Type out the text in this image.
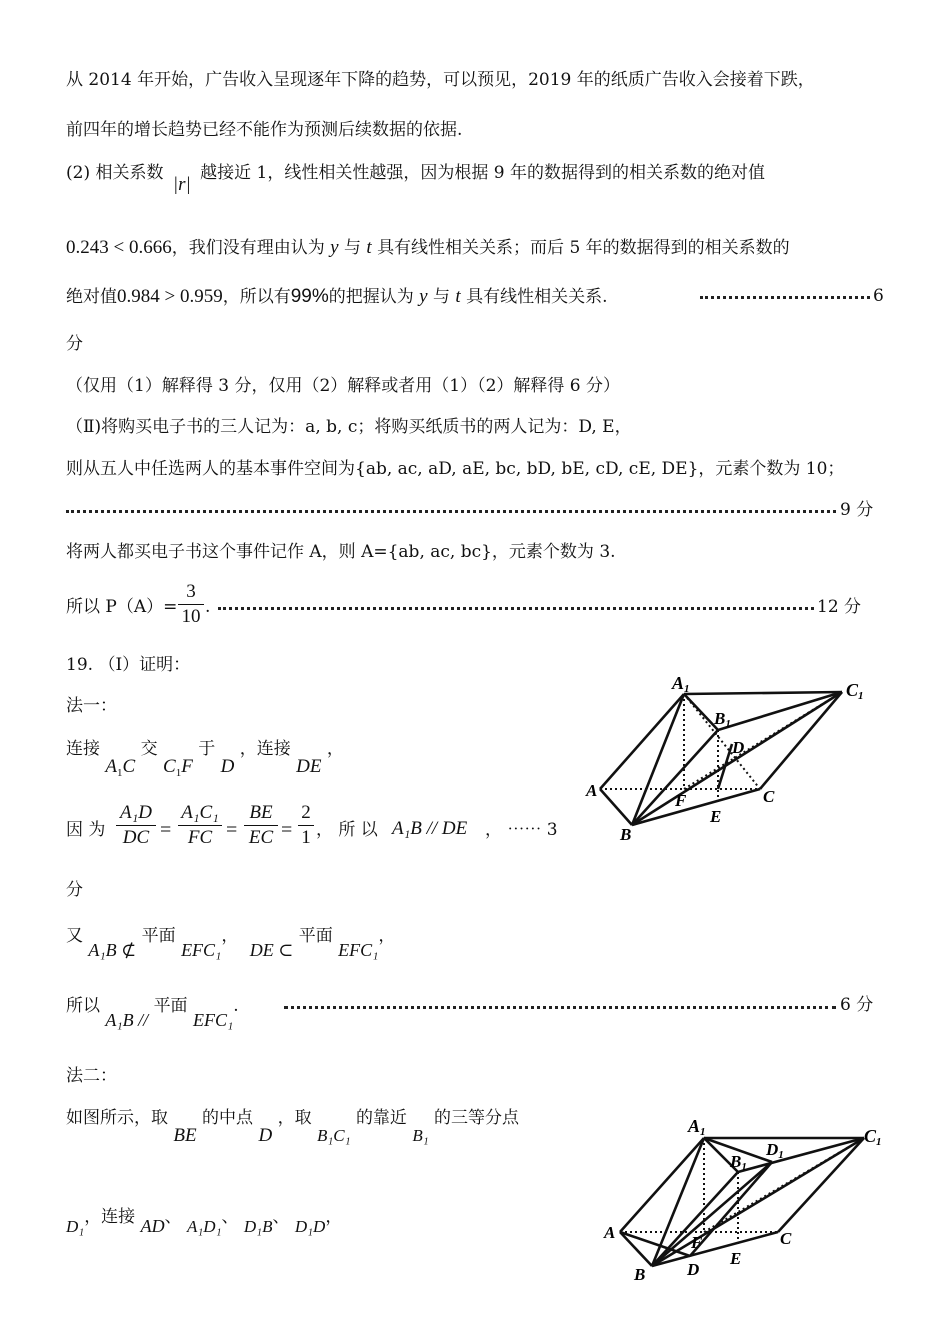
从 2014 年开始，广告收入呈现逐年下降的趋势，可以预见，2019 年的纸质广告收入会接着下跌，
前四年的增长趋势已经不能作为预测后续数据的依据.
(2) 相关系数 |r| 越接近 1，线性相关性越强，因为根据 9 年的数据得到的相关系数的绝对值
0.243 < 0.666，我们没有理由认为 y 与 t 具有线性相关关系；而后 5 年的数据得到的相关系数的
绝对值0.984 > 0.959，所以有99%的把握认为 y 与 t 具有线性相关关系.	6
分
（仅用（1）解释得 3 分，仅用（2）解释或者用（1）（2）解释得 6 分）
（Ⅱ)将购买电子书的三人记为：a, b, c；将购买纸质书的两人记为：D, E，
则从五人中任选两人的基本事件空间为{ab, ac, aD, aE, bc, bD, bE, cD, cE, DE}，元素个数为 10；
9 分
将两人都买电子书这个事件记作 A，则 A={ab, ac, bc}，元素个数为 3.
所以 P（A）=
3
10 .	12 分
19. （Ⅰ）证明：
法一：
连接 $A_1C$ 交 $C_1F$ 于 D ，连接 DE ，
因 为
A₁D
DC =
A₁C₁
FC =
BE
EC =
2
1 ， 所 以 A₁B // DE ， ⋯⋯ 3
分
又 A₁B ⊄ 平面 EFC₁， DE ⊂ 平面 EFC₁，
所以 A₁B // 平面 EFC₁.	6 分
法二：
如图所示，取 BE 的中点 D ，取 B₁C₁ 的靠近 B₁ 的三等分点
D₁，连接 AD、 A₁D₁、 D₁B、 D₁D，
A1
B1
C1
A
B
C
D
E
F
A1
B1
D1
C1
A
B
C
D
E
F
